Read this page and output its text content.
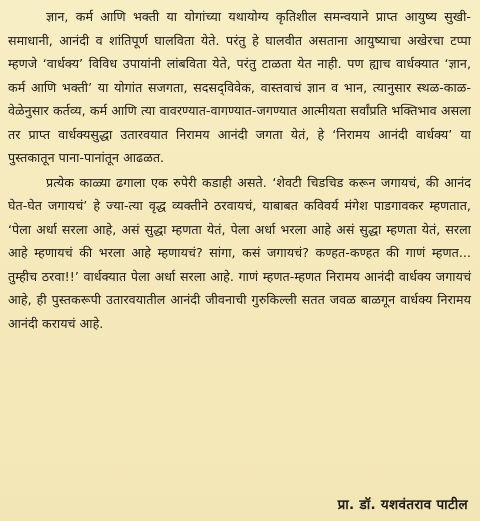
ज्ञान, कर्म आणि भक्ती या योगांच्या यथायोग्य कृतिशील समन्वयाने प्राप्त आयुष्य सुखी-समाधानी, आनंदी व शांतिपूर्ण घालविता येते. परंतु हे घालवीत असताना आयुष्याचा अखेरचा टप्पा म्हणजे ‘वार्धक्य’ विविध उपायांनी लांबविता येते, परंतु टाळता येत नाही. पण ह्याच वार्धक्यात ‘ज्ञान, कर्म आणि भक्ती’ या योगांत सजगता, सदसद्‌विवेक, वास्तवाचं ज्ञान व भान, त्यानुसार स्थळ-काळ-वेळेनुसार कर्तव्य, कर्म आणि त्या वावरण्यात-वागण्यात-जगण्यात आत्मीयता सर्वांप्रति भक्तिभाव असला तर प्राप्त वार्धक्यसुद्धा उतारवयात निरामय आनंदी जगता येतं, हे ‘निरामय आनंदी वार्धक्य’ या पुस्तकातून पाना-पानांतून आढळत.

प्रत्येक काळ्या ढगाला एक रुपेरी कडाही असते. ‘शेवटी चिडचिड करून जगायचं, की आनंद घेत-घेत जगायचं’ हे ज्या-त्या वृद्ध व्यक्तीने ठरवायचं, याबाबत कविवर्य मंगेश पाडगावकर म्हणतात, ‘पेला अर्धा सरला आहे, असं सुद्धा म्हणता येतं, पेला अर्धा भरला आहे असं सुद्धा म्हणता येतं, सरला आहे म्हणायचं की भरला आहे म्हणायचं? सांगा, कसं जगायचं? कण्हत-कण्हत की गाणं म्हणत... तुम्हीच ठरवा!!’ वार्धक्यात पेला अर्धा सरला आहे. गाणं म्हणत-म्हणत निरामय आनंदी वार्धक्य जगायचं आहे, ही पुस्तकरूपी उतारवयातील आनंदी जीवनाची गुरुकिल्ली सतत जवळ बाळगून वार्धक्य निरामय आनंदी करायचं आहे.

प्रा. डॉ. यशवंतराव पाटील
